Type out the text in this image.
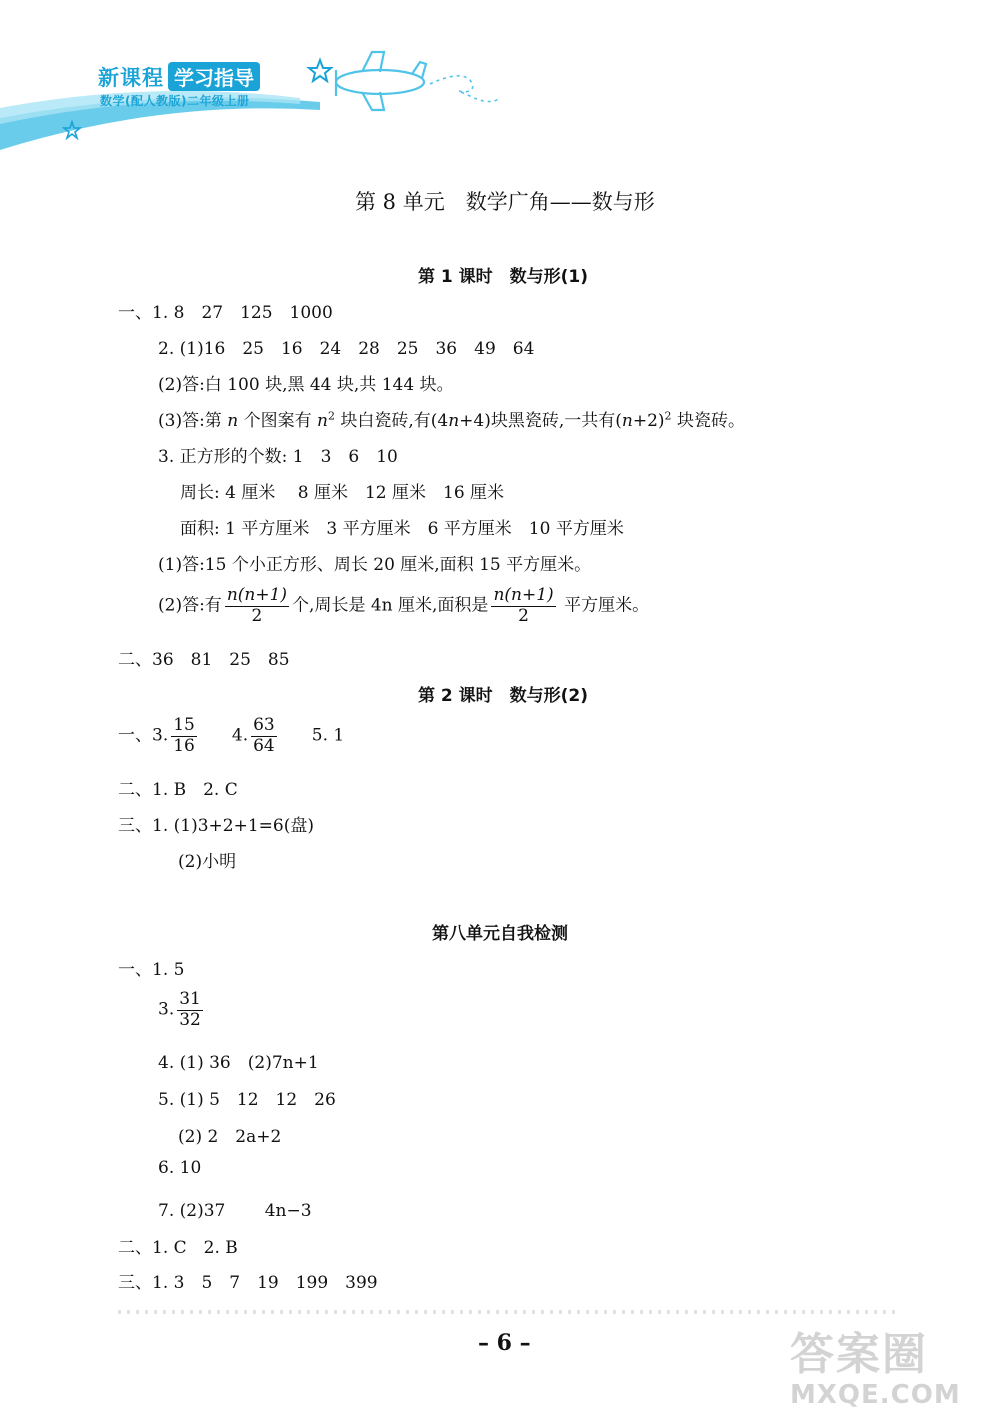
新课程 学习指导
数学(配人教版)二年级上册
第 8 单元　数学广角——数与形
第 1 课时　数与形(1)
一、1. 8　27　125　1000
2. (1)16　25　16　24　28　25　36　49　64
(2)答:白 100 块,黑 44 块,共 144 块。
(3)答:第 n 个图案有 $n^2$ 块白瓷砖,有(4n+4)块黑瓷砖,一共有$(n+2)^2$ 块瓷砖。
3. 正方形的个数: 1　3　6　10
周长: 4 厘米　 8 厘米　12 厘米　16 厘米
面积: 1 平方厘米　3 平方厘米　6 平方厘米　10 平方厘米
(1)答:15 个小正方形、周长 20 厘米,面积 15 平方厘米。
(2)答:有 $\frac{n(n+1)}{2}$ 个,周长是 4n 厘米,面积是 $\frac{n(n+1)}{2}$ 平方厘米。
二、36　81　25　85
第 2 课时　数与形(2)
一、3. $\frac{15}{16} 4$. $\frac{63}{64} 5$. 1
二、1. B　2. C
三、1. (1)3+2+1=6(盘)
(2)小明
第八单元自我检测
一、1. 5
3. $\frac{31}{32}$
4. (1) 36　(2)7n+1
5. (1) 5　12　12　26
(2) 2　2a+2
6. 10
7. (2)37　　 4n−3
二、1. C　2. B
三、1. 3　5　7　19　199　399
– 6 –	答案圈
MXQE.COM
